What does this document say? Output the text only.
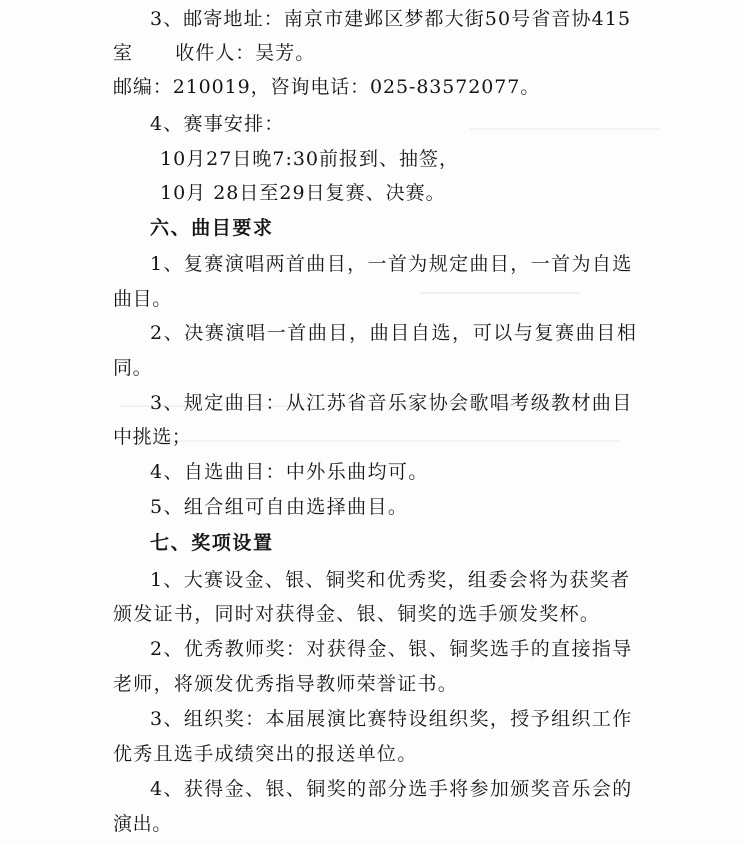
3、邮寄地址：南京市建邺区梦都大街50号省音协415
室      收件人：吴芳。
邮编：210019，咨询电话：025-83572077。
4、赛事安排：
10月27日晚7:30前报到、抽签，
10月 28日至29日复赛、决赛。
六、曲目要求
1、复赛演唱两首曲目，一首为规定曲目，一首为自选
曲目。
2、决赛演唱一首曲目，曲目自选，可以与复赛曲目相
同。
3、规定曲目：从江苏省音乐家协会歌唱考级教材曲目
中挑选；
4、自选曲目：中外乐曲均可。
5、组合组可自由选择曲目。
七、奖项设置
1、大赛设金、银、铜奖和优秀奖，组委会将为获奖者
颁发证书，同时对获得金、银、铜奖的选手颁发奖杯。
2、优秀教师奖：对获得金、银、铜奖选手的直接指导
老师，将颁发优秀指导教师荣誉证书。
3、组织奖：本届展演比赛特设组织奖，授予组织工作
优秀且选手成绩突出的报送单位。
4、获得金、银、铜奖的部分选手将参加颁奖音乐会的
演出。
